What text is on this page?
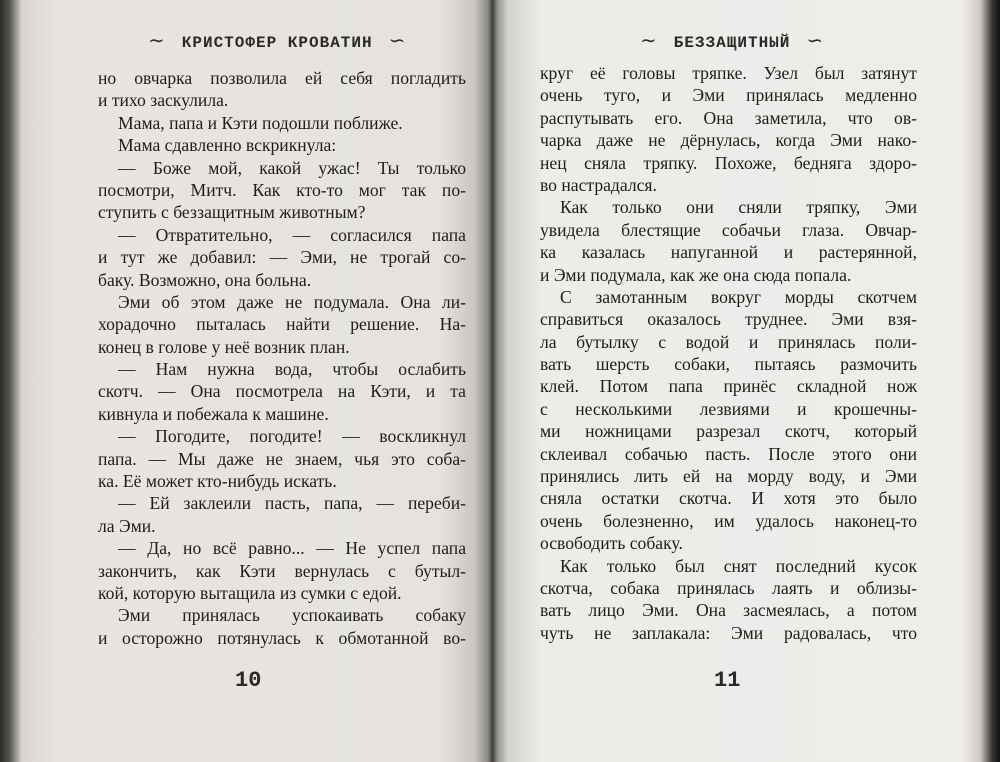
∼ КРИСТОФЕР КРОВАТИН ∽
но овчарка позволила ей себя погладить
и тихо заскулила.
Мама, папа и Кэти подошли поближе.
Мама сдавленно вскрикнула:
— Боже мой, какой ужас! Ты только
посмотри, Митч. Как кто-то мог так по-
ступить с беззащитным животным?
— Отвратительно, — согласился папа
и тут же добавил: — Эми, не трогай со-
баку. Возможно, она больна.
Эми об этом даже не подумала. Она ли-
хорадочно пыталась найти решение. На-
конец в голове у неё возник план.
— Нам нужна вода, чтобы ослабить
скотч. — Она посмотрела на Кэти, и та
кивнула и побежала к машине.
— Погодите, погодите! — воскликнул
папа. — Мы даже не знаем, чья это соба-
ка. Её может кто-нибудь искать.
— Ей заклеили пасть, папа, — переби-
ла Эми.
— Да, но всё равно... — Не успел папа
закончить, как Кэти вернулась с бутыл-
кой, которую вытащила из сумки с едой.
Эми принялась успокаивать собаку
и осторожно потянулась к обмотанной во-
10
∼ БЕЗЗАЩИТНЫЙ ∽
круг её головы тряпке. Узел был затянут
очень туго, и Эми принялась медленно
распутывать его. Она заметила, что ов-
чарка даже не дёрнулась, когда Эми нако-
нец сняла тряпку. Похоже, бедняга здоро-
во настрадался.
Как только они сняли тряпку, Эми
увидела блестящие собачьи глаза. Овчар-
ка казалась напуганной и растерянной,
и Эми подумала, как же она сюда попала.
С замотанным вокруг морды скотчем
справиться оказалось труднее. Эми взя-
ла бутылку с водой и принялась поли-
вать шерсть собаки, пытаясь размочить
клей. Потом папа принёс складной нож
с несколькими лезвиями и крошечны-
ми ножницами разрезал скотч, который
склеивал собачью пасть. После этого они
принялись лить ей на морду воду, и Эми
сняла остатки скотча. И хотя это было
очень болезненно, им удалось наконец-то
освободить собаку.
Как только был снят последний кусок
скотча, собака принялась лаять и облизы-
вать лицо Эми. Она засмеялась, а потом
чуть не заплакала: Эми радовалась, что
11
